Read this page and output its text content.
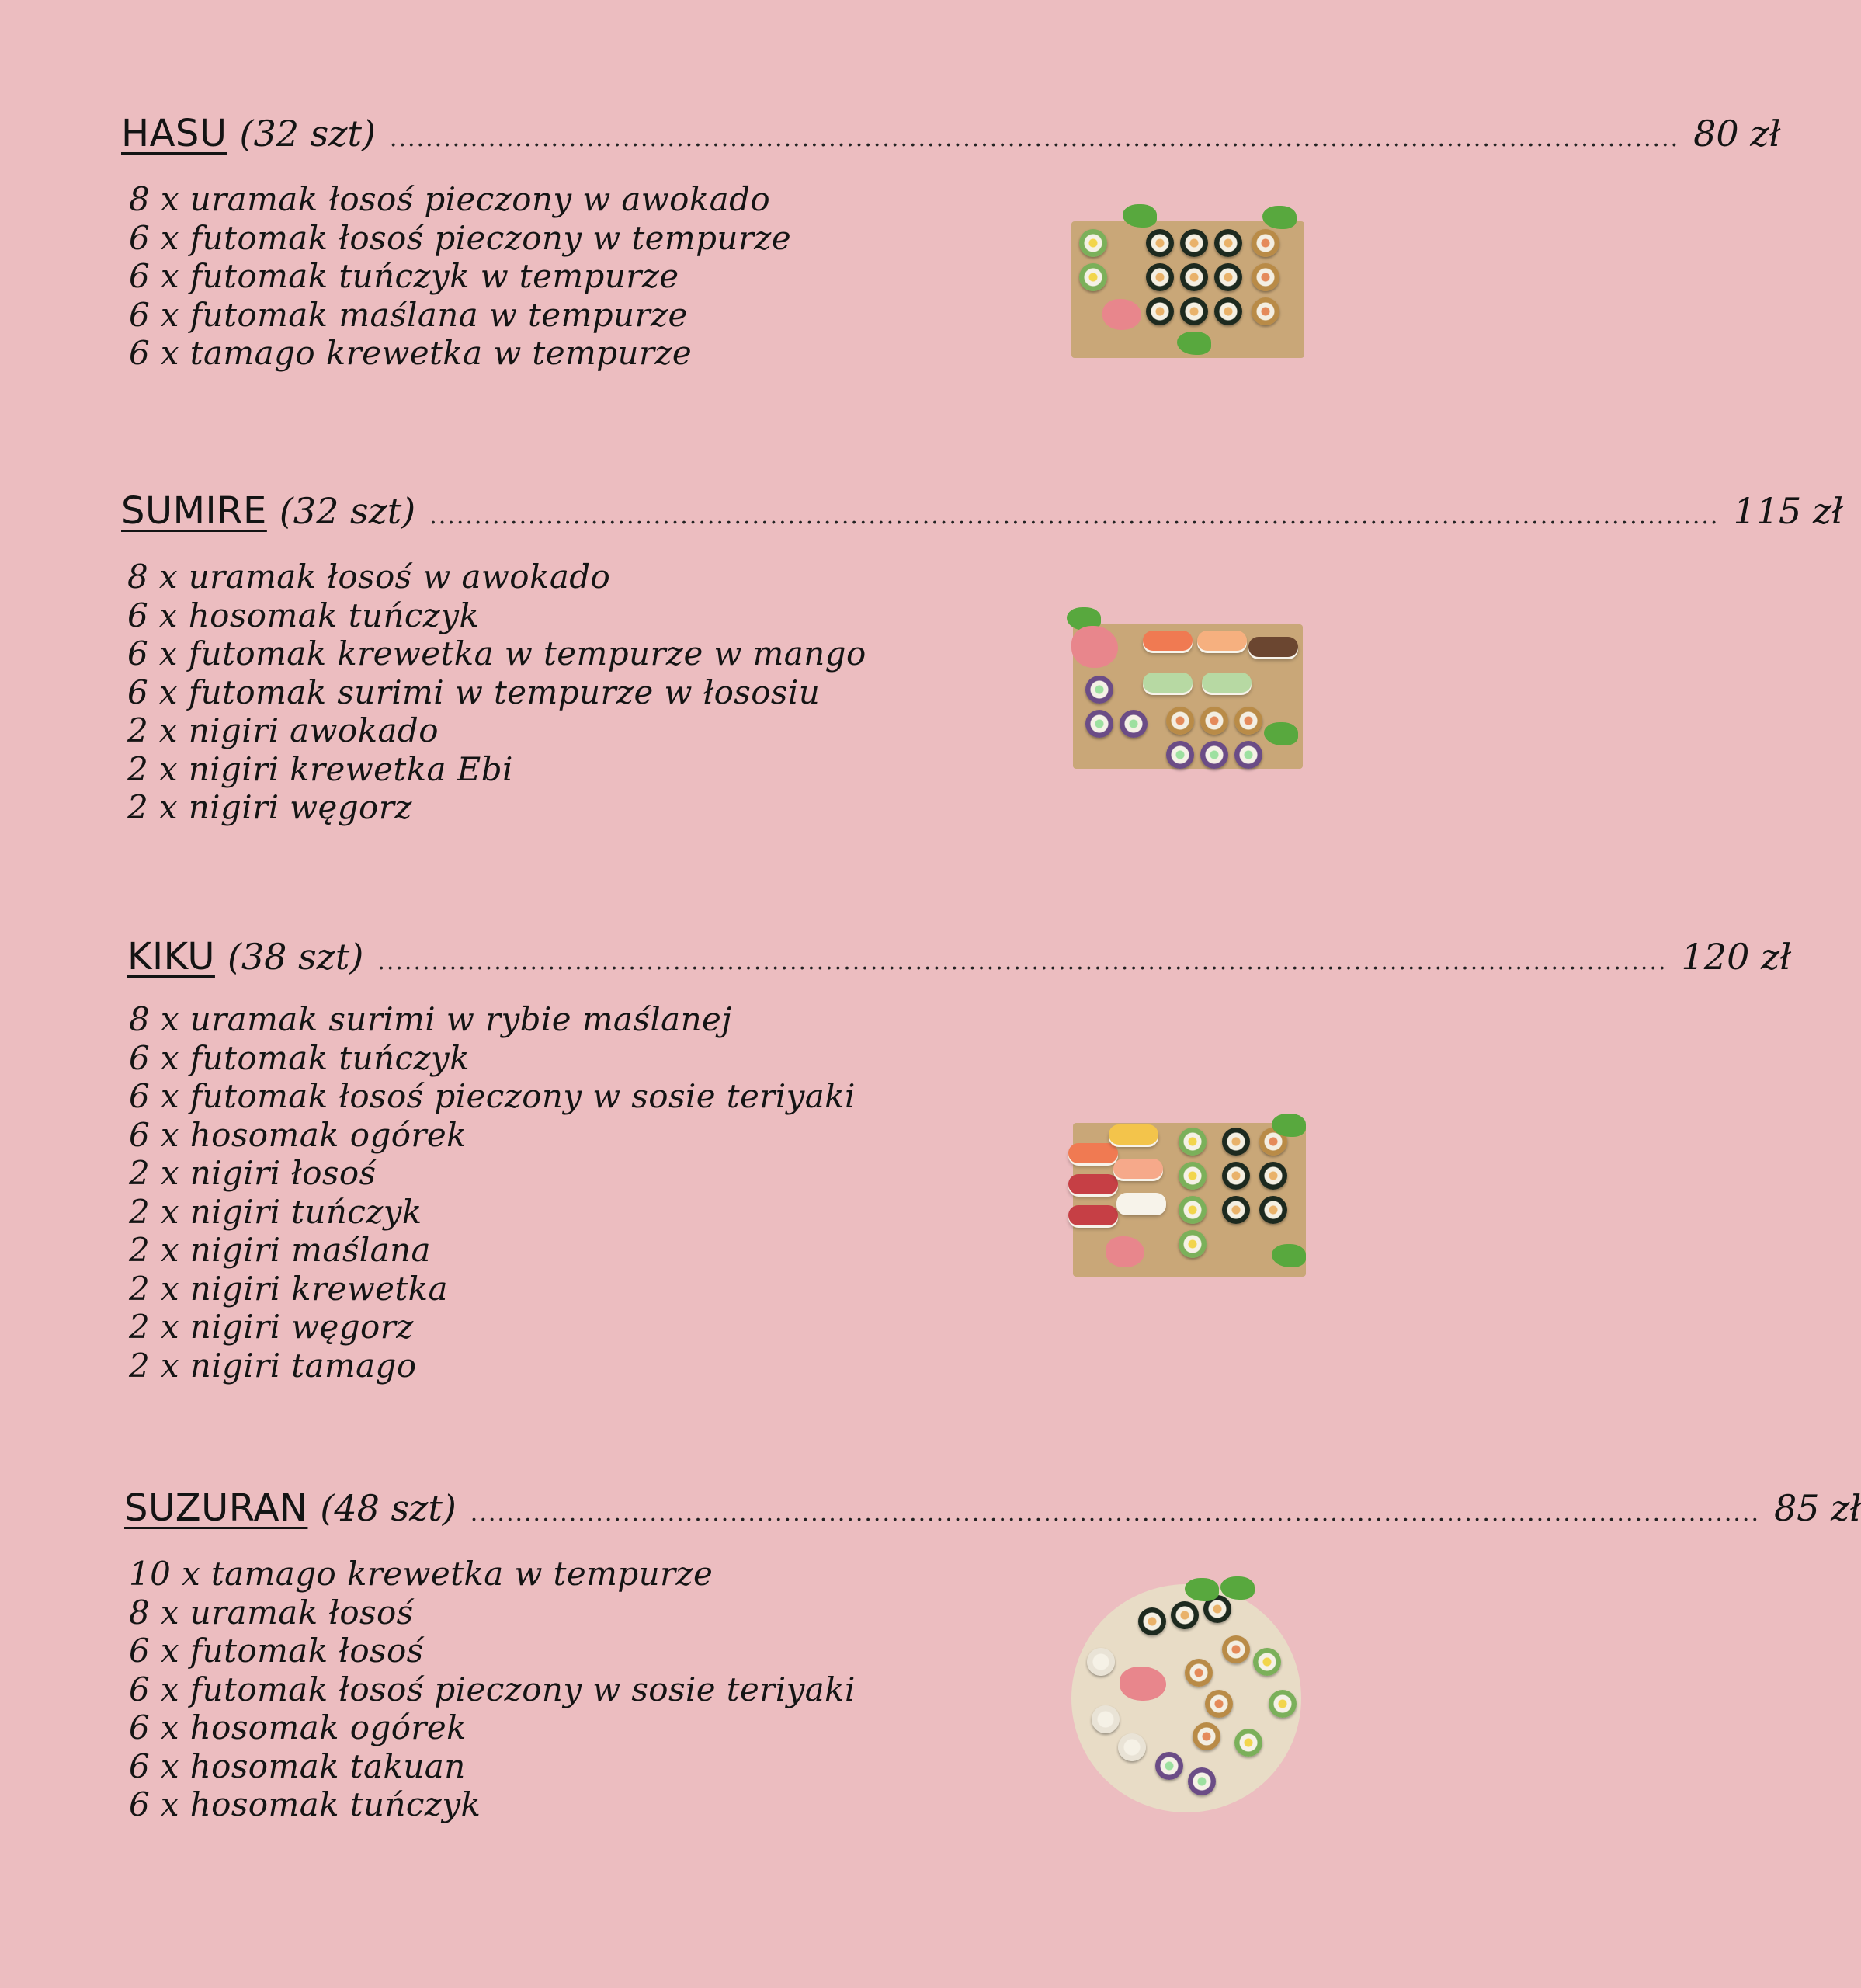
HASU (32 szt) ................................................................................................................................................ 80 zł
8 x uramak łosoś pieczony w awokado
6 x futomak łosoś pieczony w tempurze
6 x futomak tuńczyk w tempurze
6 x futomak maślana w tempurze
6 x tamago krewetka w tempurze
SUMIRE (32 szt) ................................................................................................................................................ 115 zł
8 x uramak łosoś w awokado
6 x hosomak tuńczyk
6 x futomak krewetka w tempurze w mango
6 x futomak surimi w tempurze w łososiu
2 x nigiri awokado
2 x nigiri krewetka Ebi
2 x nigiri węgorz
KIKU (38 szt) ................................................................................................................................................ 120 zł
8 x uramak surimi w rybie maślanej
6 x futomak tuńczyk
6 x futomak łosoś pieczony w sosie teriyaki
6 x hosomak ogórek
2 x nigiri łosoś
2 x nigiri tuńczyk
2 x nigiri maślana
2 x nigiri krewetka
2 x nigiri węgorz
2 x nigiri tamago
SUZURAN (48 szt) ................................................................................................................................................ 85 zł
10 x tamago krewetka w tempurze
8 x uramak łosoś
6 x futomak łosoś
6 x futomak łosoś pieczony w sosie teriyaki
6 x hosomak ogórek
6 x hosomak takuan
6 x hosomak tuńczyk
